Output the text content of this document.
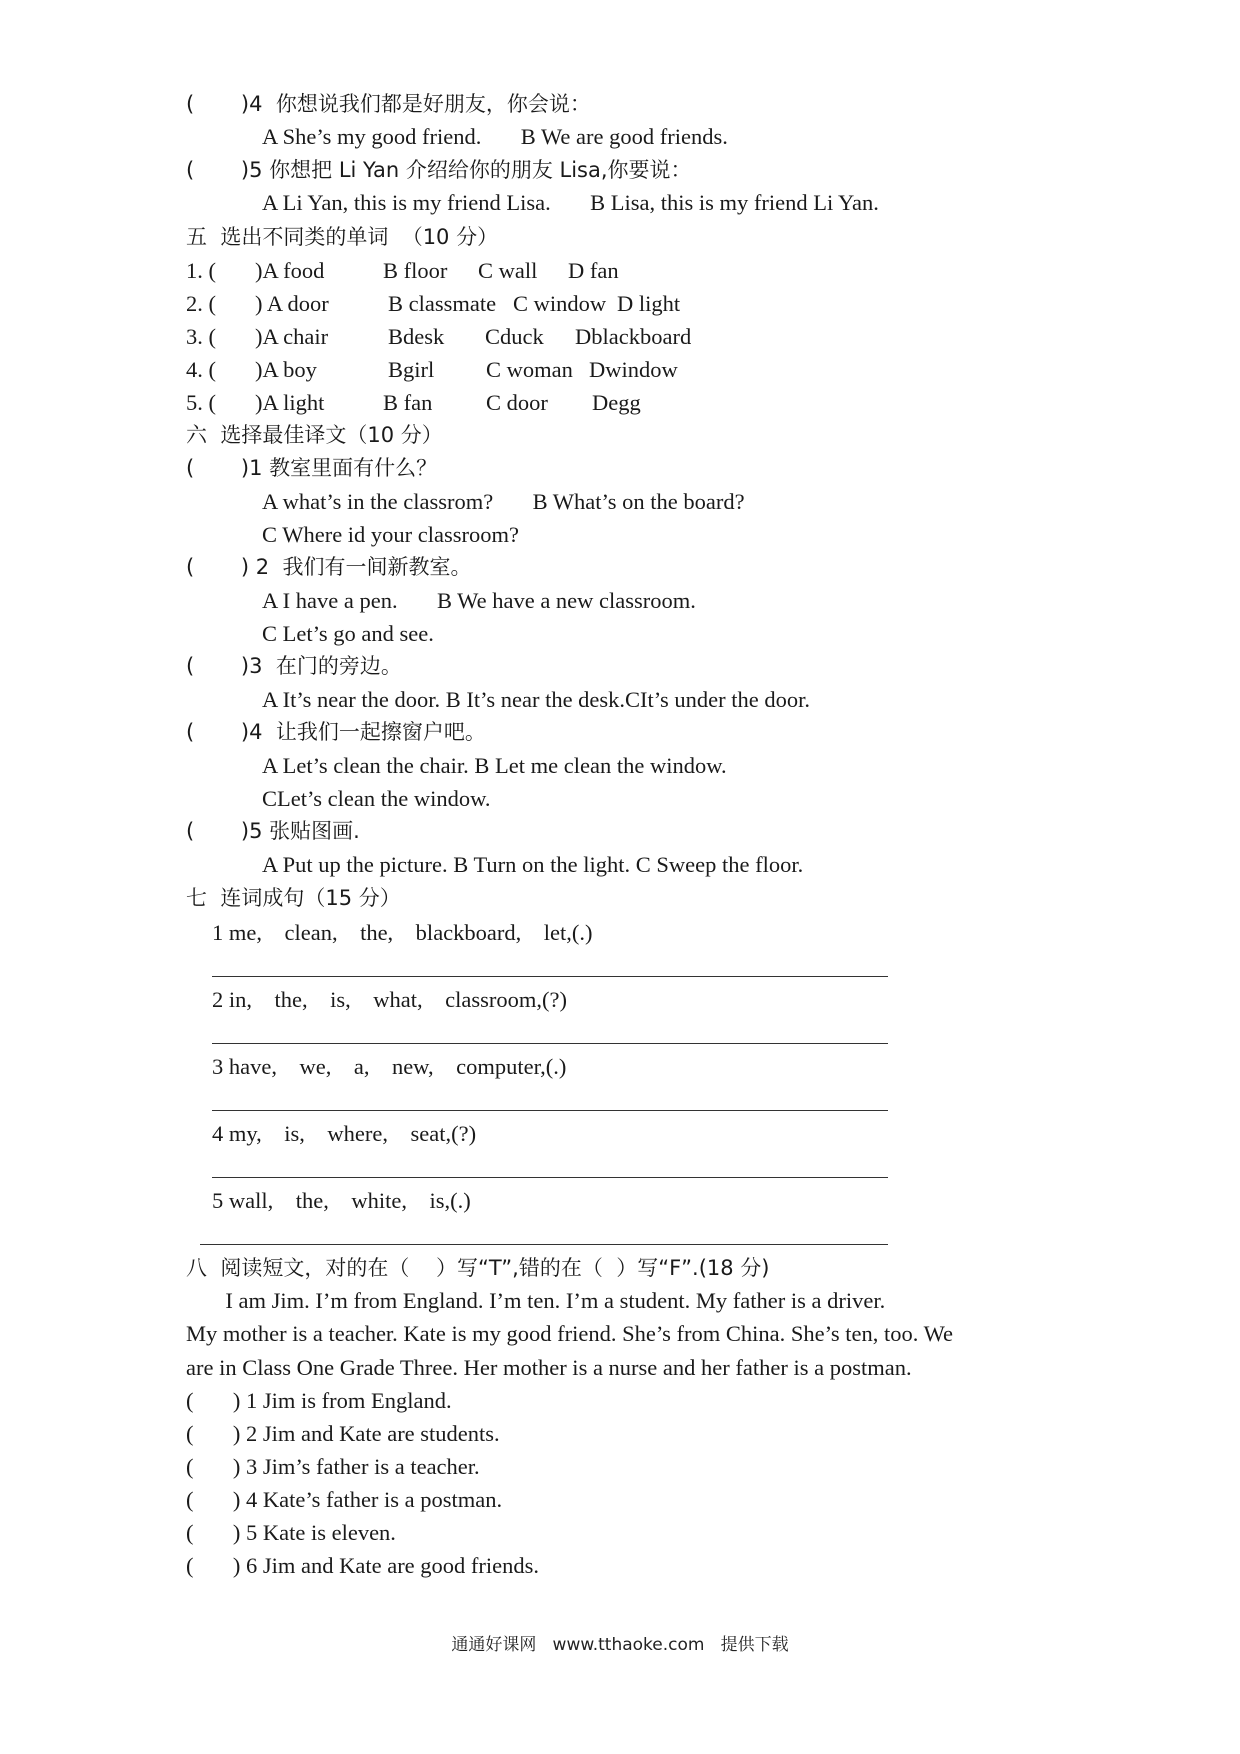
(       )4  你想说我们都是好朋友，你会说：
A She’s my good friend.       B We are good friends.
(       )5 你想把 Li Yan 介绍给你的朋友 Lisa,你要说：
A Li Yan, this is my friend Lisa.       B Lisa, this is my friend Li Yan.
五  选出不同类的单词  （10 分）
1. ( )A food	B floor C wall D fan
2. ( ) A door	B classmate C window D light
3. ( )A chair	Bdesk Cduck Dblackboard
4. ( )A boy	Bgirl C woman Dwindow
5. ( )A light	B fan C door Degg
六  选择最佳译文（10 分）
(       )1 教室里面有什么？
A what’s in the classrom?       B What’s on the board?
C Where id your classroom?
(       ) 2  我们有一间新教室。
A I have a pen.       B We have a new classroom.
C Let’s go and see.
(       )3  在门的旁边。
A It’s near the door. B It’s near the desk.CIt’s under the door.
(       )4  让我们一起擦窗户吧。
A Let’s clean the chair. B Let me clean the window.
CLet’s clean the window.
(       )5 张贴图画.
A Put up the picture. B Turn on the light. C Sweep the floor.
七  连词成句（15 分）
1 me,    clean,    the,    blackboard,    let,(.)
2 in,    the,    is,    what,    classroom,(?)
3 have,    we,    a,    new,    computer,(.)
4 my,    is,    where,    seat,(?)
5 wall,    the,    white,    is,(.)
八  阅读短文，对的在（    ）写“T”,错的在（  ）写“F”.(18 分)
I am Jim. I’m from England. I’m ten. I’m a student. My father is a driver.
My mother is a teacher. Kate is my good friend. She’s from China. She’s ten, too. We
are in Class One Grade Three. Her mother is a nurse and her father is a postman.
(       ) 1 Jim is from England.
(       ) 2 Jim and Kate are students.
(       ) 3 Jim’s father is a teacher.
(       ) 4 Kate’s father is a postman.
(       ) 5 Kate is eleven.
(       ) 6 Jim and Kate are good friends.
通通好课网   www.tthaoke.com   提供下载
